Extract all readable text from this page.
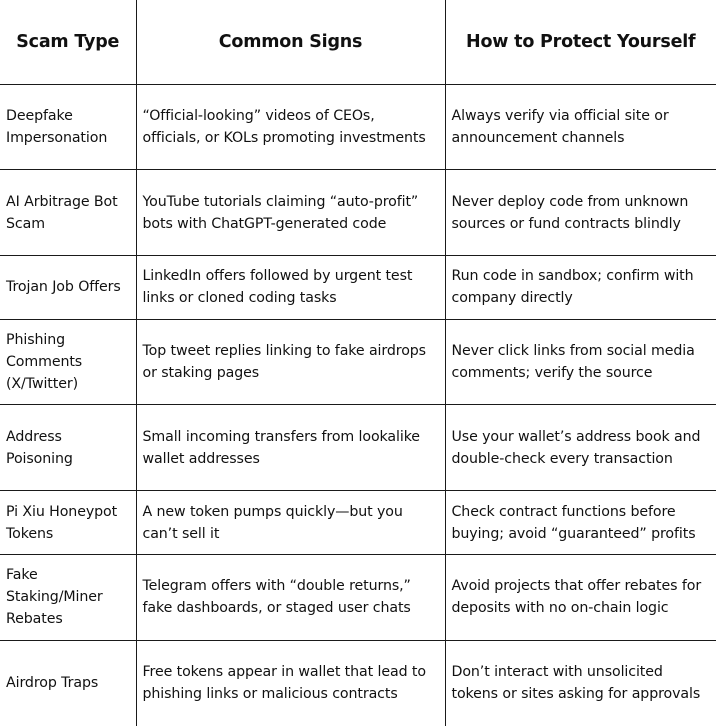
Scam Type	Common Signs	How to Protect Yourself
Deepfake Impersonation	“Official-looking” videos of CEOs, officials, or KOLs promoting investments	Always verify via official site or announcement channels
AI Arbitrage Bot Scam	YouTube tutorials claiming “auto-profit” bots with ChatGPT-generated code	Never deploy code from unknown sources or fund contracts blindly
Trojan Job Offers	LinkedIn offers followed by urgent test links or cloned coding tasks	Run code in sandbox; confirm with company directly
Phishing Comments (X/Twitter)	Top tweet replies linking to fake airdrops or staking pages	Never click links from social media comments; verify the source
Address Poisoning	Small incoming transfers from lookalike wallet addresses	Use your wallet’s address book and double-check every transaction
Pi Xiu Honeypot Tokens	A new token pumps quickly—but you can’t sell it	Check contract functions before buying; avoid “guaranteed” profits
Fake Staking/Miner Rebates	Telegram offers with “double returns,” fake dashboards, or staged user chats	Avoid projects that offer rebates for deposits with no on-chain logic
Airdrop Traps	Free tokens appear in wallet that lead to phishing links or malicious contracts	Don’t interact with unsolicited tokens or sites asking for approvals
